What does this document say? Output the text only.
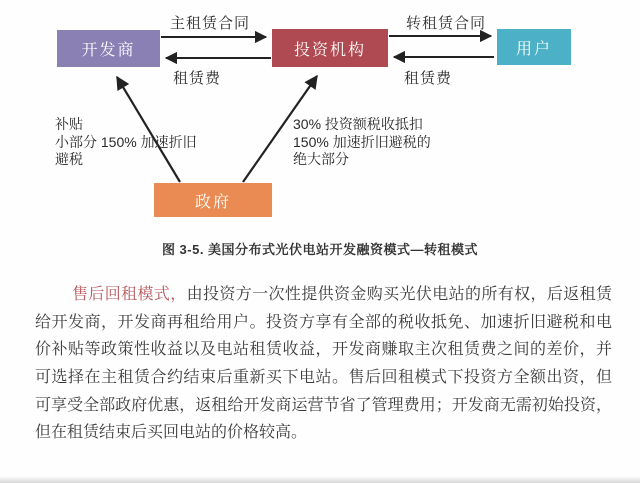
开发商	投资机构	用户
政府
主租赁合同
租赁费
转租赁合同
租赁费
补贴
小部分 150% 加速折旧
避税
30% 投资额税收抵扣
150% 加速折旧避税的
绝大部分
图 3-5. 美国分布式光伏电站开发融资模式—转租模式
售后回租模式，由投资方一次性提供资金购买光伏电站的所有权，后返租赁
给开发商，开发商再租给用户。投资方享有全部的税收抵免、加速折旧避税和电
价补贴等政策性收益以及电站租赁收益，开发商赚取主次租赁费之间的差价，并
可选择在主租赁合约结束后重新买下电站。售后回租模式下投资方全额出资，但
可享受全部政府优惠，返租给开发商运营节省了管理费用；开发商无需初始投资，
但在租赁结束后买回电站的价格较高。
